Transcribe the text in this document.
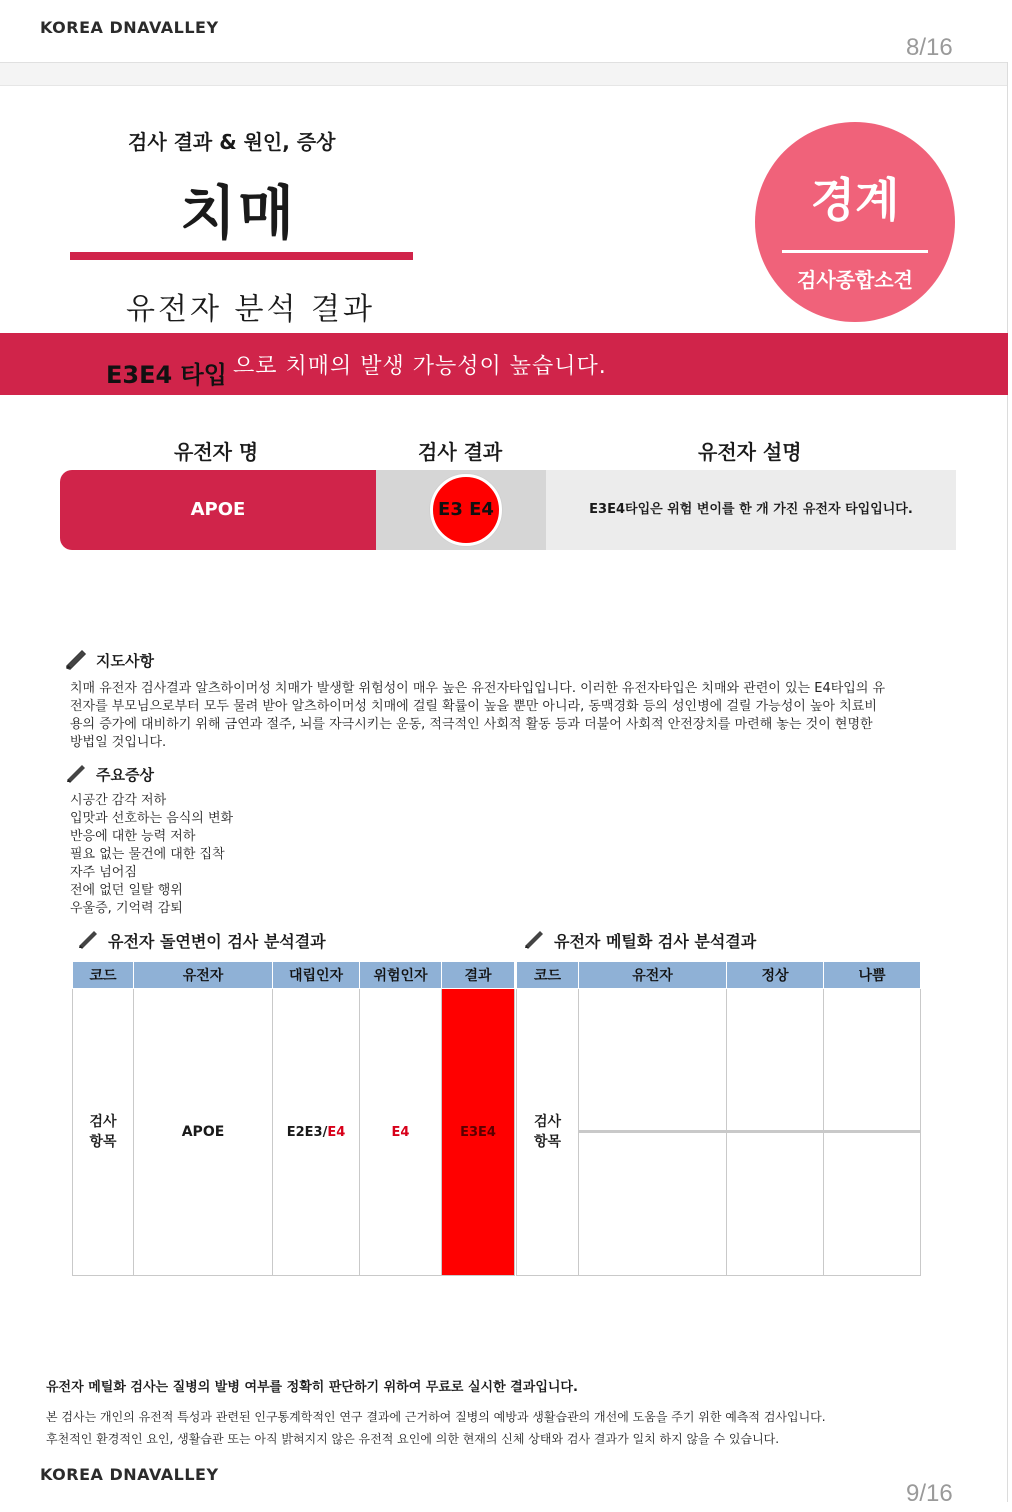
KOREA DNAVALLEY
8/16
검사 결과 & 원인, 증상
치매
유전자 분석 결과
경계
검사종합소견
E3E4 타입 으로 치매의 발생 가능성이 높습니다.
유전자 명	검사 결과	유전자 설명
APOE	E3 E4	E3E4타입은 위험 변이를 한 개 가진 유전자 타입입니다.
지도사항
치매 유전자 검사결과 알츠하이머성 치매가 발생할 위험성이 매우 높은 유전자타입입니다. 이러한 유전자타입은 치매와 관련이 있는 E4타입의 유
전자를 부모님으로부터 모두 물려 받아 알츠하이머성 치매에 걸릴 확률이 높을 뿐만 아니라, 동맥경화 등의 성인병에 걸릴 가능성이 높아 치료비
용의 증가에 대비하기 위해 금연과 절주, 뇌를 자극시키는 운동, 적극적인 사회적 활동 등과 더불어 사회적 안전장치를 마련해 놓는 것이 현명한
방법일 것입니다.
주요증상
시공간 감각 저하
입맛과 선호하는 음식의 변화
반응에 대한 능력 저하
필요 없는 물건에 대한 집착
자주 넘어짐
전에 없던 일탈 행위
우울증, 기억력 감퇴
유전자 돌연변이 검사 분석결과	유전자 메틸화 검사 분석결과
코드	유전자	대립인자	위험인자	결과

검사
항목	APOE	E2E3/E4	E4	E3E4
코드	유전자	정상	나쁨

검사
항목			

유전자 메틸화 검사는 질병의 발병 여부를 정확히 판단하기 위하여 무료로 실시한 결과입니다.
본 검사는 개인의 유전적 특성과 관련된 인구통계학적인 연구 결과에 근거하여 질병의 예방과 생활습관의 개선에 도움을 주기 위한 예측적 검사입니다.
후천적인 환경적인 요인, 생활습관 또는 아직 밝혀지지 않은 유전적 요인에 의한 현재의 신체 상태와 검사 결과가 일치 하지 않을 수 있습니다.
KOREA DNAVALLEY
9/16
